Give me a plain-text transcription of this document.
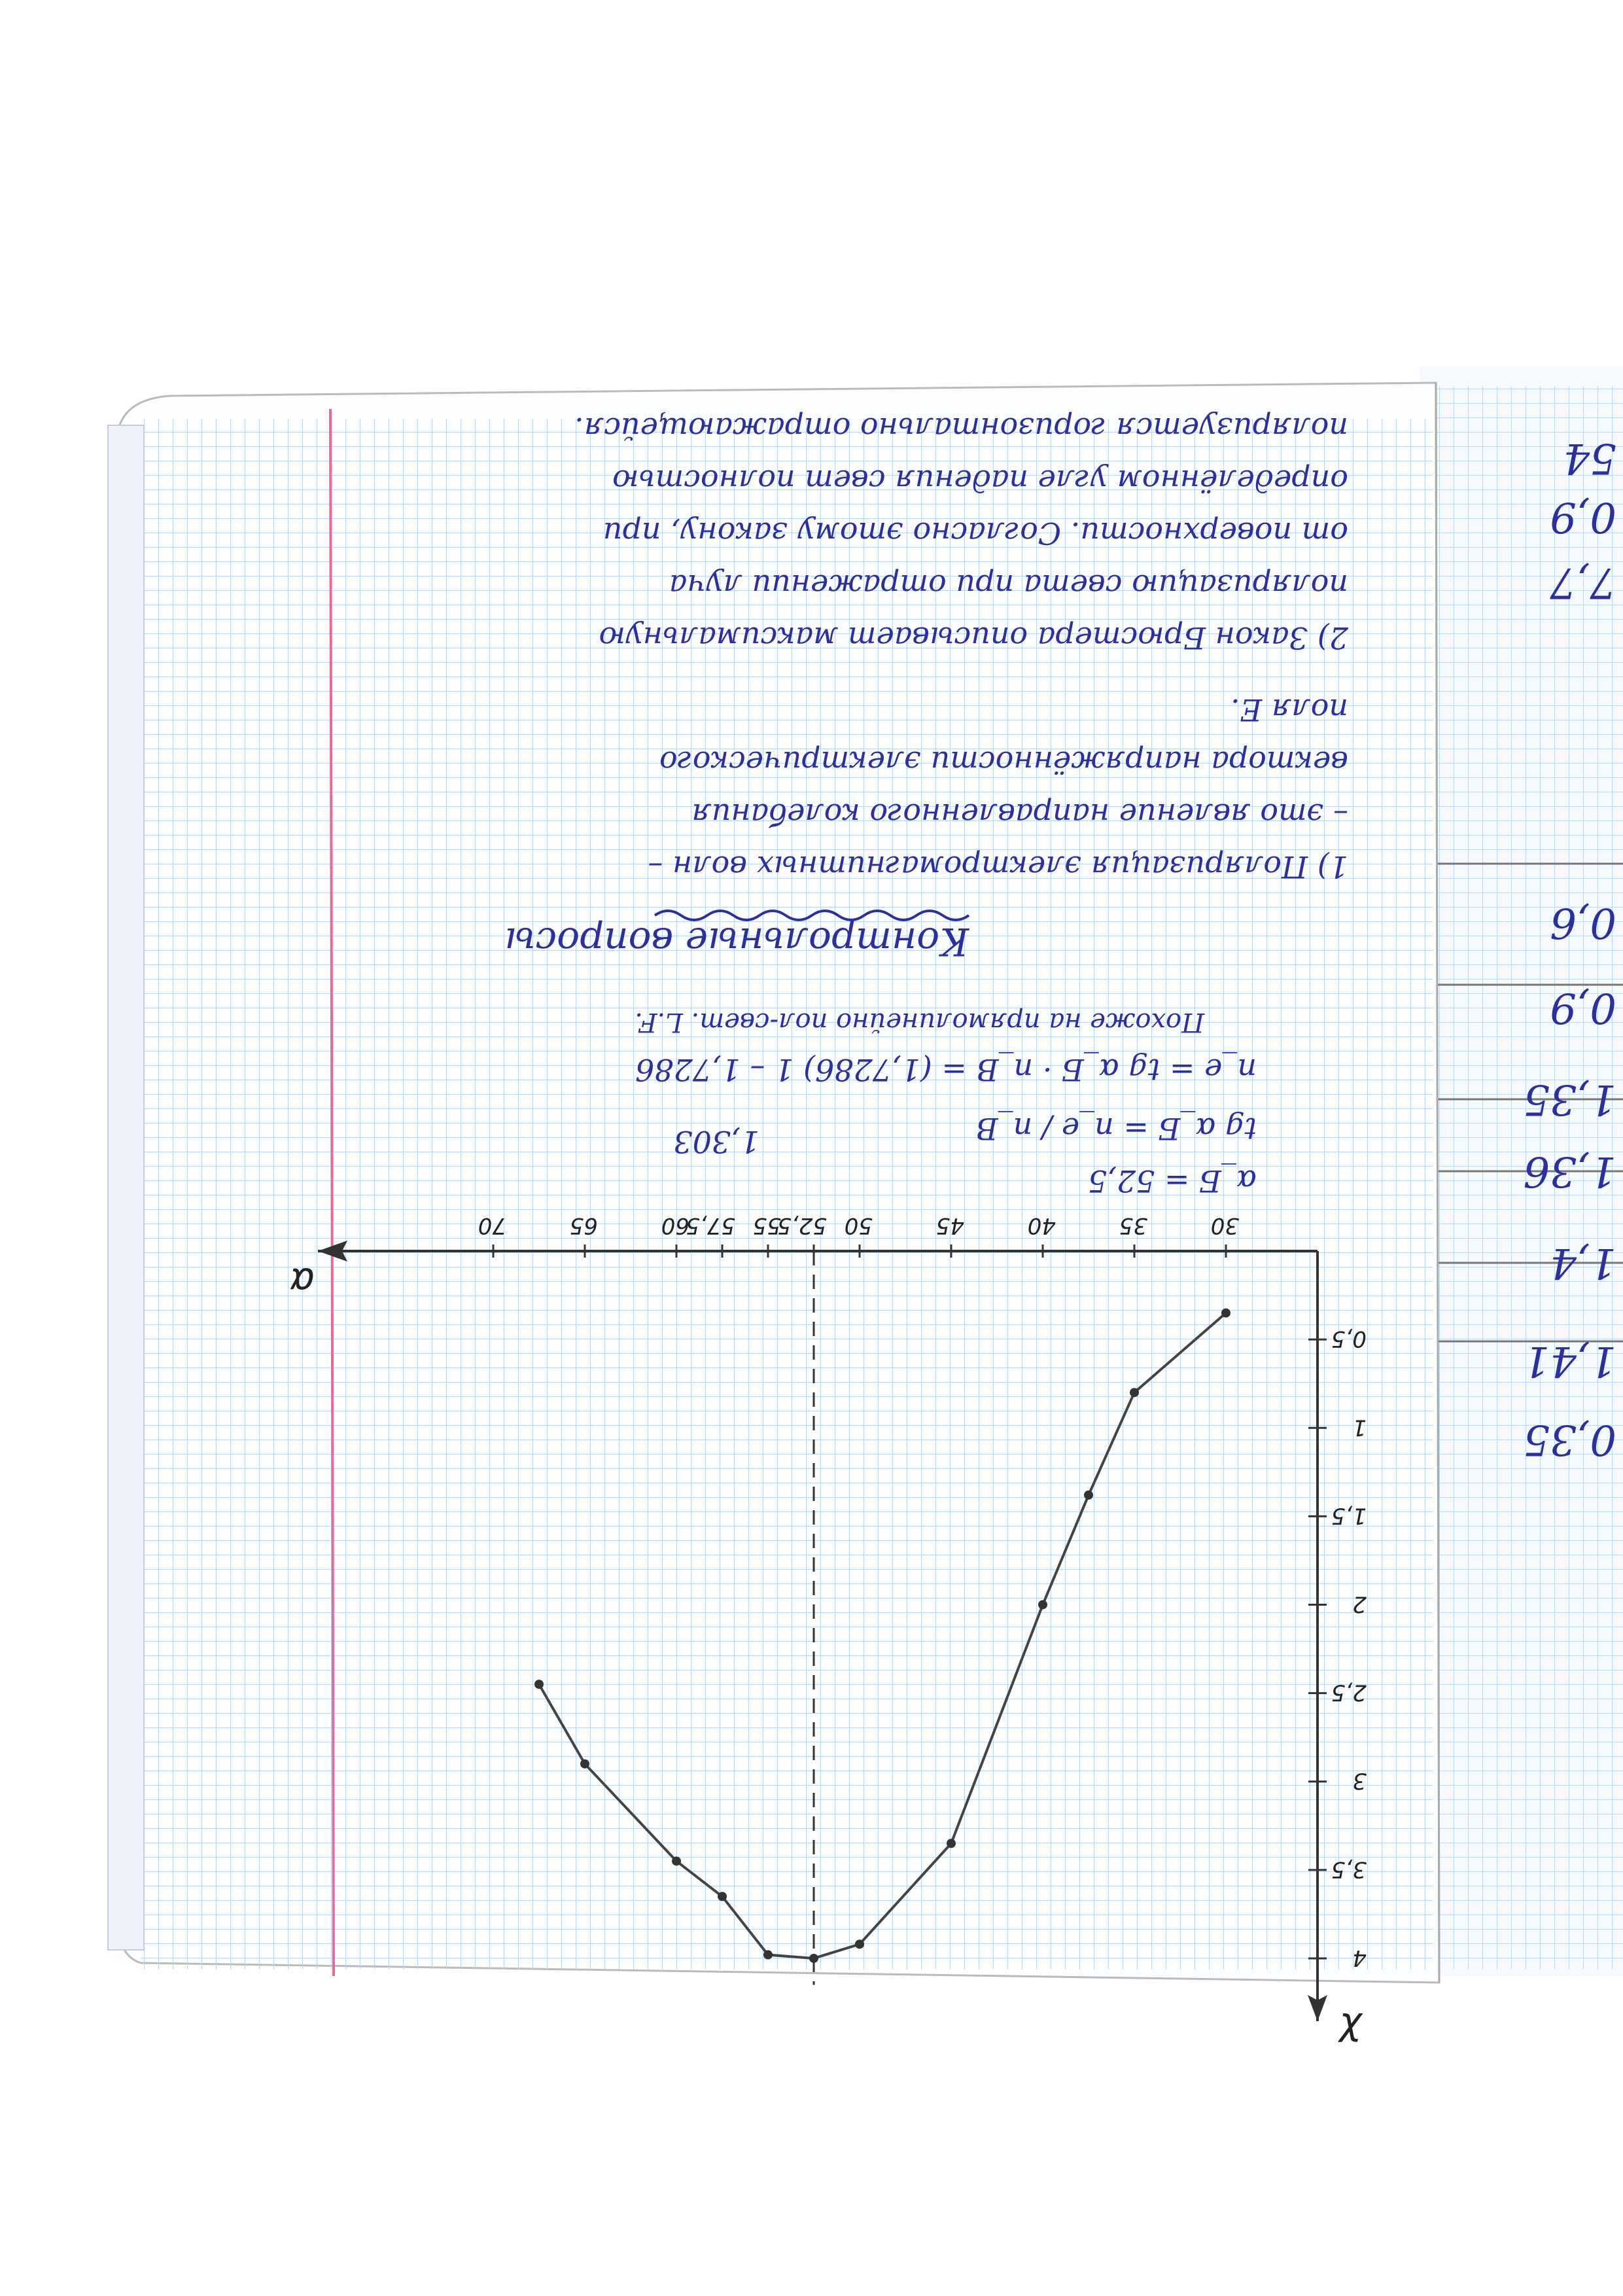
α
χ
30
35
40
45
50
52,5
55
57,5
60
65
70
0,5
1
1,5
2
2,5
3
3,5
4
α_Б = 52,5
tg α_Б = n_e / n_B
1,303
n_e = tg α_Б · n_B = (1,7286) 1 – 1,7286
Похоже на прямолинейно пол-свет. L.F.
Контрольные вопросы
1) Поляризация электромагнитных волн –
– это явление направленного колебания
вектора напряжённости электрического
поля E.
2) Закон Брюстера описывает максимальную
поляризацию света при отражении луча
от поверхности. Согласно этому закону, при
определённом угле падения свет полностью
поляризуется горизонтально отражающейся.
54
0,9
7,7
0,6
0,9
1,35
1,36
1,4
1,41
0,35
